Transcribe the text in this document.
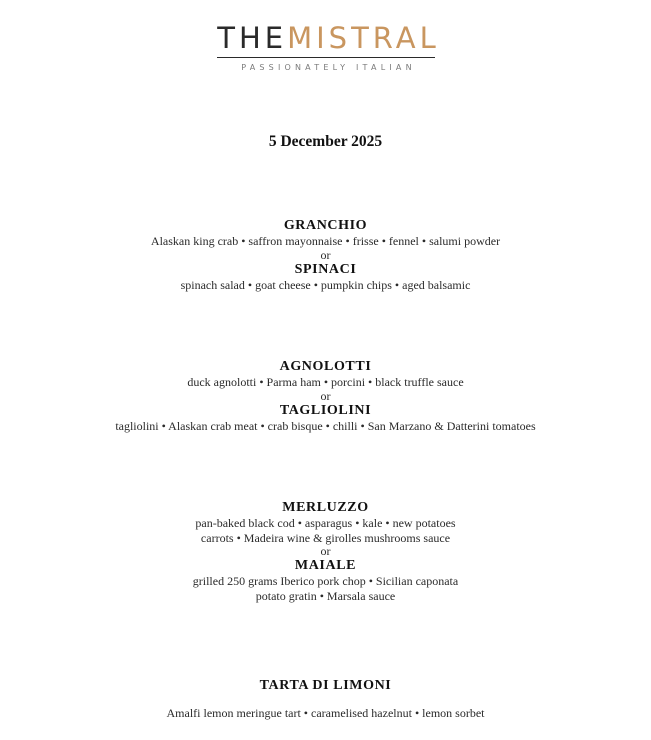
THEMISTRAL
PASSIONATELY ITALIAN
5 December 2025
GRANCHIO
Alaskan king crab • saffron mayonnaise • frisse • fennel • salumi powder
or
SPINACI
spinach salad • goat cheese • pumpkin chips • aged balsamic
AGNOLOTTI
duck agnolotti • Parma ham • porcini • black truffle sauce
or
TAGLIOLINI
tagliolini • Alaskan crab meat • crab bisque • chilli • San Marzano & Datterini tomatoes
MERLUZZO
pan-baked black cod • asparagus • kale • new potatoes
carrots • Madeira wine & girolles mushrooms sauce
or
MAIALE
grilled 250 grams Iberico pork chop • Sicilian caponata
potato gratin • Marsala sauce
TARTA DI LIMONI
Amalfi lemon meringue tart • caramelised hazelnut • lemon sorbet
